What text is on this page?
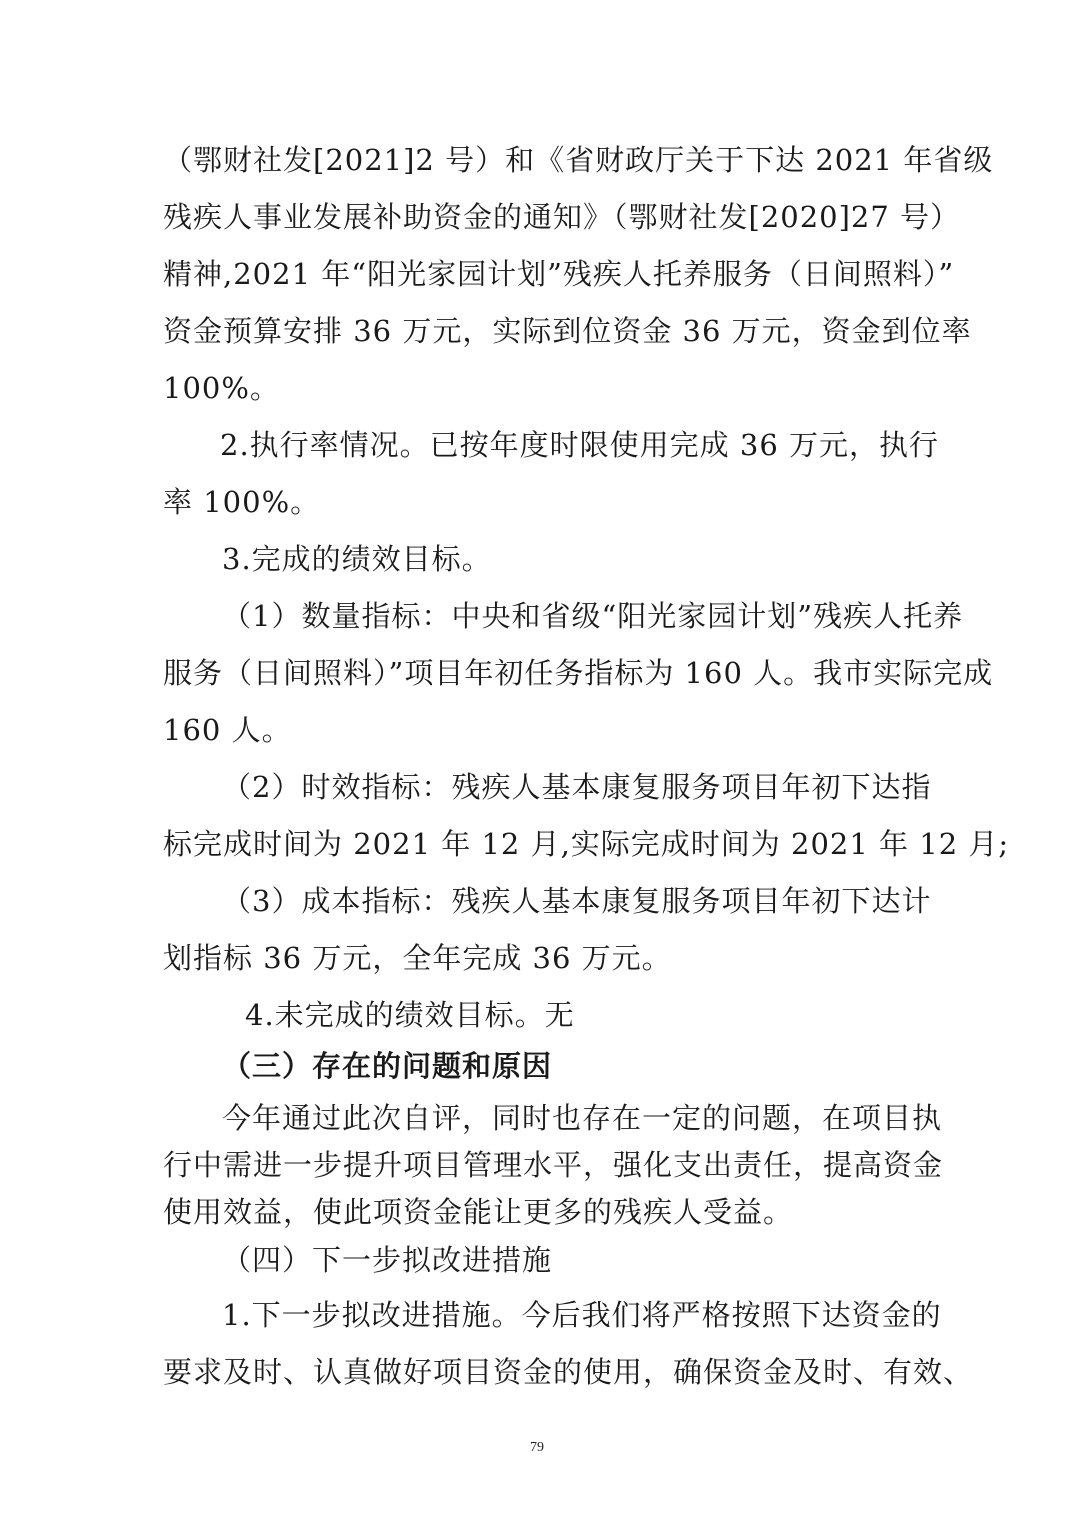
（鄂财社发[2021]2 号）和《省财政厅关于下达 2021 年省级
残疾人事业发展补助资金的通知》（鄂财社发[2020]27 号）
精神,2021 年“阳光家园计划”残疾人托养服务（日间照料）”
资金预算安排 36 万元，实际到位资金 36 万元，资金到位率
100%。
2.执行率情况。已按年度时限使用完成 36 万元，执行
率 100%。
3.完成的绩效目标。
（1）数量指标：中央和省级“阳光家园计划”残疾人托养
服务（日间照料）”项目年初任务指标为 160 人。我市实际完成
160 人。
（2）时效指标：残疾人基本康复服务项目年初下达指
标完成时间为 2021 年 12 月,实际完成时间为 2021 年 12 月;
（3）成本指标：残疾人基本康复服务项目年初下达计
划指标 36 万元，全年完成 36 万元。
4.未完成的绩效目标。无
（三）存在的问题和原因
今年通过此次自评，同时也存在一定的问题，在项目执
行中需进一步提升项目管理水平，强化支出责任，提高资金
使用效益，使此项资金能让更多的残疾人受益。
（四）下一步拟改进措施
1.下一步拟改进措施。今后我们将严格按照下达资金的
要求及时、认真做好项目资金的使用，确保资金及时、有效、
79
